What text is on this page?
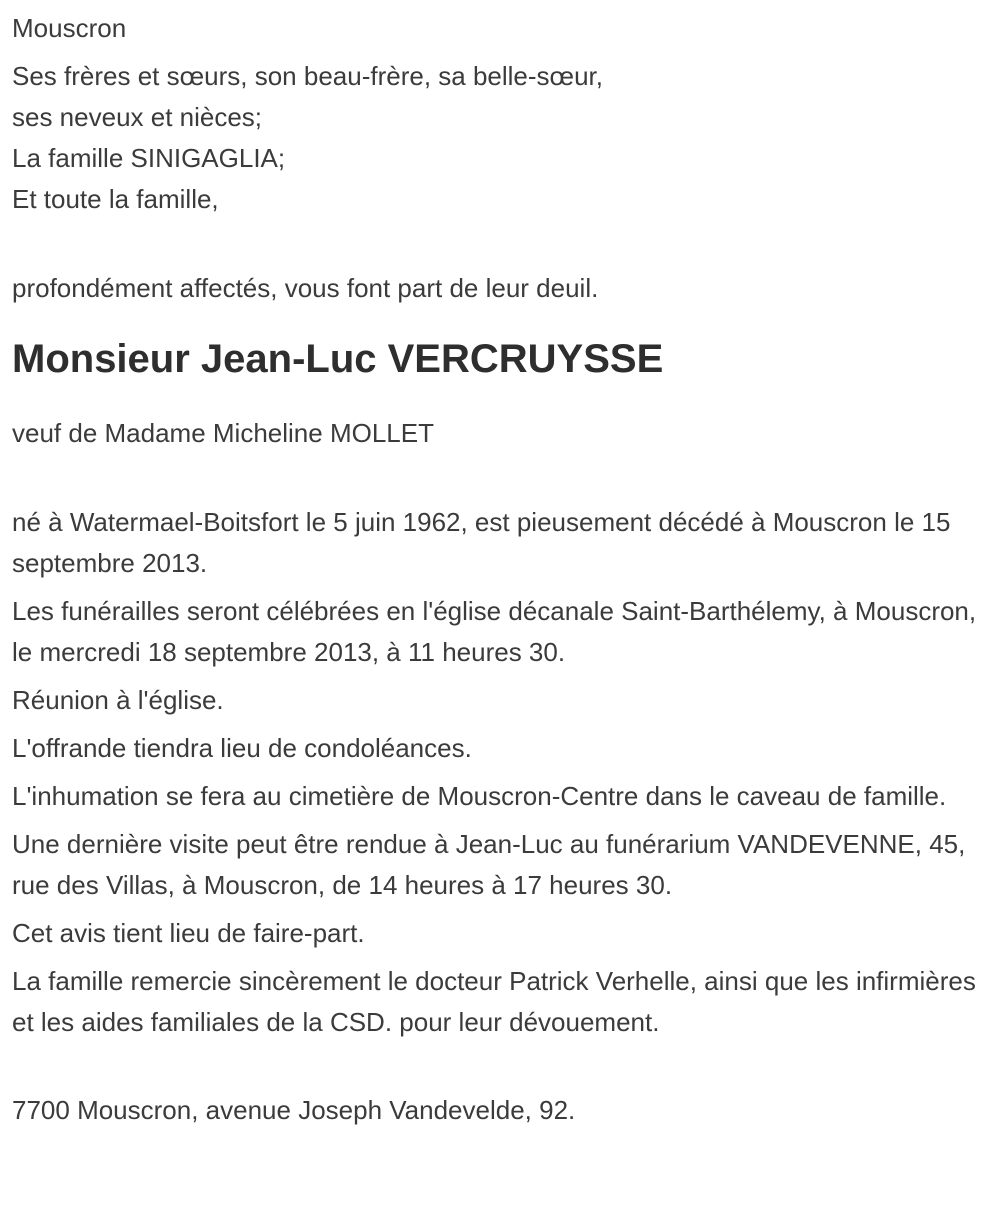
Mouscron

Ses frères et sœurs, son beau-frère, sa belle-sœur,
ses neveux et nièces;
La famille SINIGAGLIA;
Et toute la famille,

profondément affectés, vous font part de leur deuil.

Monsieur Jean-Luc VERCRUYSSE

veuf de Madame Micheline MOLLET

né à Watermael-Boitsfort le 5 juin 1962, est pieusement décédé à Mouscron le 15 septembre 2013.

Les funérailles seront célébrées en l'église décanale Saint-Barthélemy, à Mouscron, le mercredi 18 septembre 2013, à 11 heures 30.

Réunion à l'église.

L'offrande tiendra lieu de condoléances.

L'inhumation se fera au cimetière de Mouscron-Centre dans le caveau de famille.

Une dernière visite peut être rendue à Jean-Luc au funérarium VANDEVENNE, 45, rue des Villas, à Mouscron, de 14 heures à 17 heures 30.

Cet avis tient lieu de faire-part.

La famille remercie sincèrement le docteur Patrick Verhelle, ainsi que les infirmières et les aides familiales de la CSD. pour leur dévouement.

7700 Mouscron, avenue Joseph Vandevelde, 92.
